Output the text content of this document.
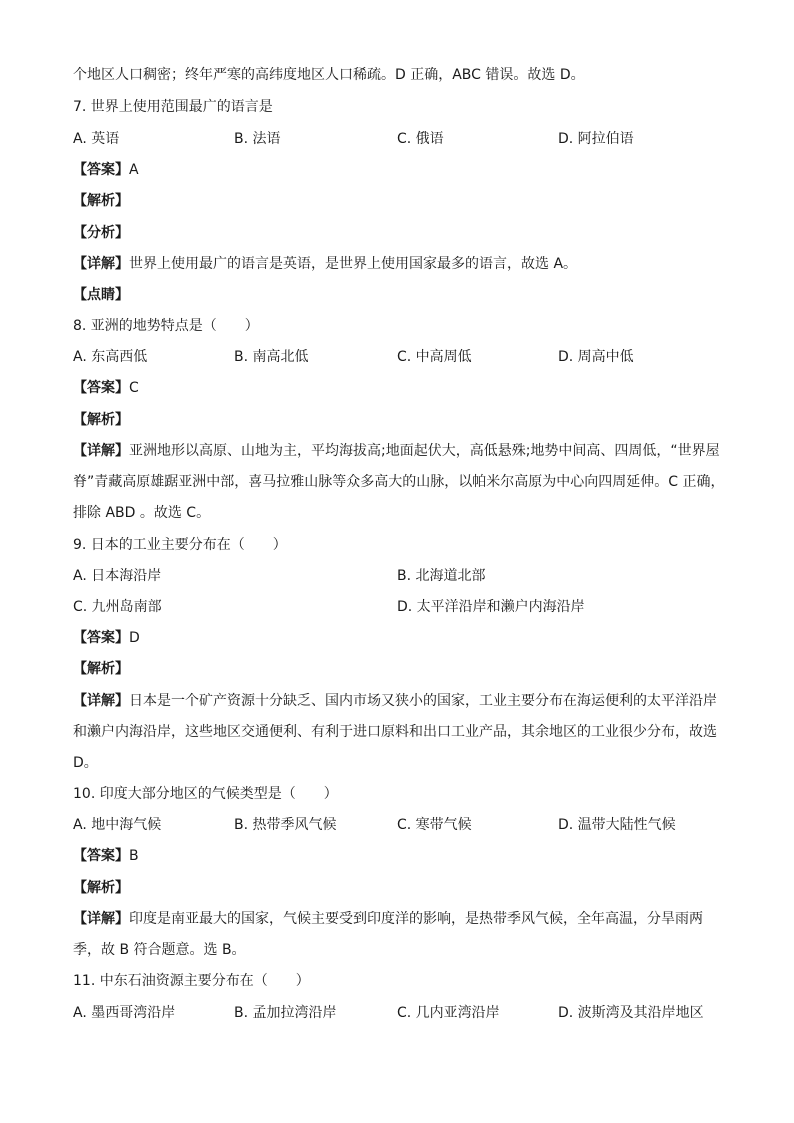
个地区人口稠密；终年严寒的高纬度地区人口稀疏。D 正确，ABC 错误。故选 D。
7. 世界上使用范围最广的语言是
A. 英语	B. 法语	C. 俄语	D. 阿拉伯语
【答案】A
【解析】
【分析】
【详解】世界上使用最广的语言是英语，是世界上使用国家最多的语言，故选 A。
【点睛】
8. 亚洲的地势特点是（　　）
A. 东高西低	B. 南高北低	C. 中高周低	D. 周高中低
【答案】C
【解析】
【详解】亚洲地形以高原、山地为主，平均海拔高;地面起伏大，高低悬殊;地势中间高、四周低，“世界屋
脊”青藏高原雄踞亚洲中部，喜马拉雅山脉等众多高大的山脉，以帕米尔高原为中心向四周延伸。C 正确，
排除 ABD 。故选 C。
9. 日本的工业主要分布在（　　）
A. 日本海沿岸	B. 北海道北部
C. 九州岛南部	D. 太平洋沿岸和濑户内海沿岸
【答案】D
【解析】
【详解】日本是一个矿产资源十分缺乏、国内市场又狭小的国家，工业主要分布在海运便利的太平洋沿岸
和濑户内海沿岸，这些地区交通便利、有利于进口原料和出口工业产品，其余地区的工业很少分布，故选
D。
10. 印度大部分地区的气候类型是（　　）
A. 地中海气候	B. 热带季风气候	C. 寒带气候	D. 温带大陆性气候
【答案】B
【解析】
【详解】印度是南亚最大的国家，气候主要受到印度洋的影响，是热带季风气候，全年高温，分旱雨两
季，故 B 符合题意。选 B。
11. 中东石油资源主要分布在（　　）
A. 墨西哥湾沿岸	B. 孟加拉湾沿岸	C. 几内亚湾沿岸	D. 波斯湾及其沿岸地区
